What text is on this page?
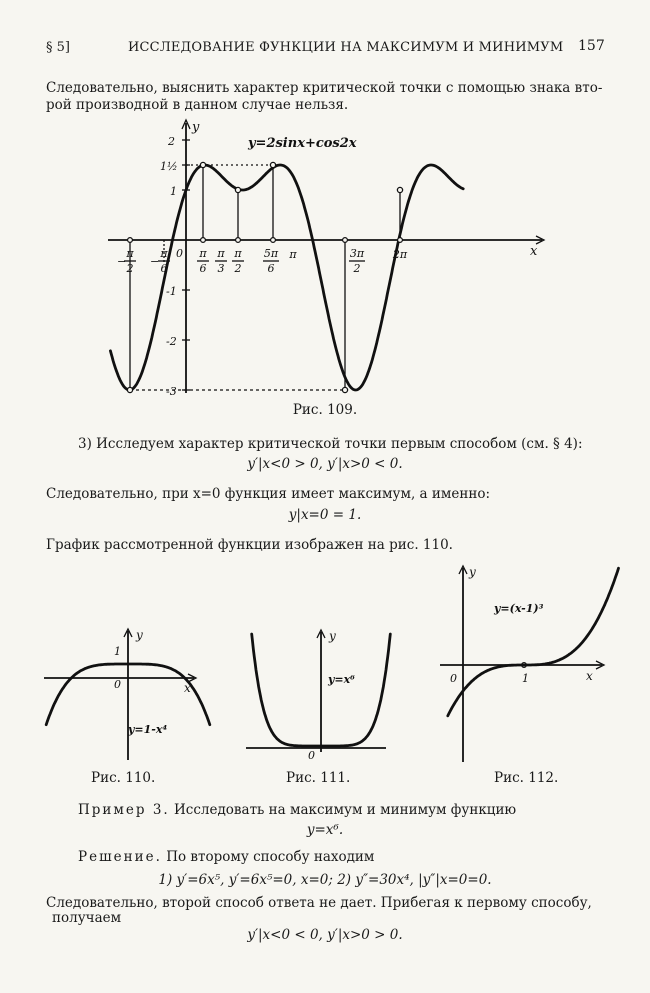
§ 5]	ИССЛЕДОВАНИЕ ФУНКЦИИ НА МАКСИМУМ И МИНИМУМ 157
Следовательно, выяснить характер критической точки с помощью знака вто-
рой производной в данном случае нельзя.
2
1½
1
-1
-2
-3
y
x
0
−
π
2
−
π
6
π
6
π
3
π
2
5π
6
π	3π
2
2π
y=2sinx+cos2x
Рис. 109.
3) Исследуем характер критической точки первым способом (см. § 4):
y′|x<0 > 0, y′|x>0 < 0.
Следовательно, при x=0 функция имеет максимум, а именно:
y|x=0 = 1.
График рассмотренной функции изображен на рис. 110.
y
x
1
0
y=1-x⁴
Рис. 110.
y
0
y=x⁶
Рис. 111.
y
x
0	1
y=(x-1)³
Рис. 112.
Пример 3. Исследовать на максимум и минимум функцию
y=x⁶.
Решение. По второму способу находим
1) y′=6x⁵, y′=6x⁵=0, x=0; 2) y″=30x⁴, |y″|x=0=0.
Следовательно, второй способ ответа не дает. Прибегая к первому способу,
получаем
y′|x<0 < 0, y′|x>0 > 0.
